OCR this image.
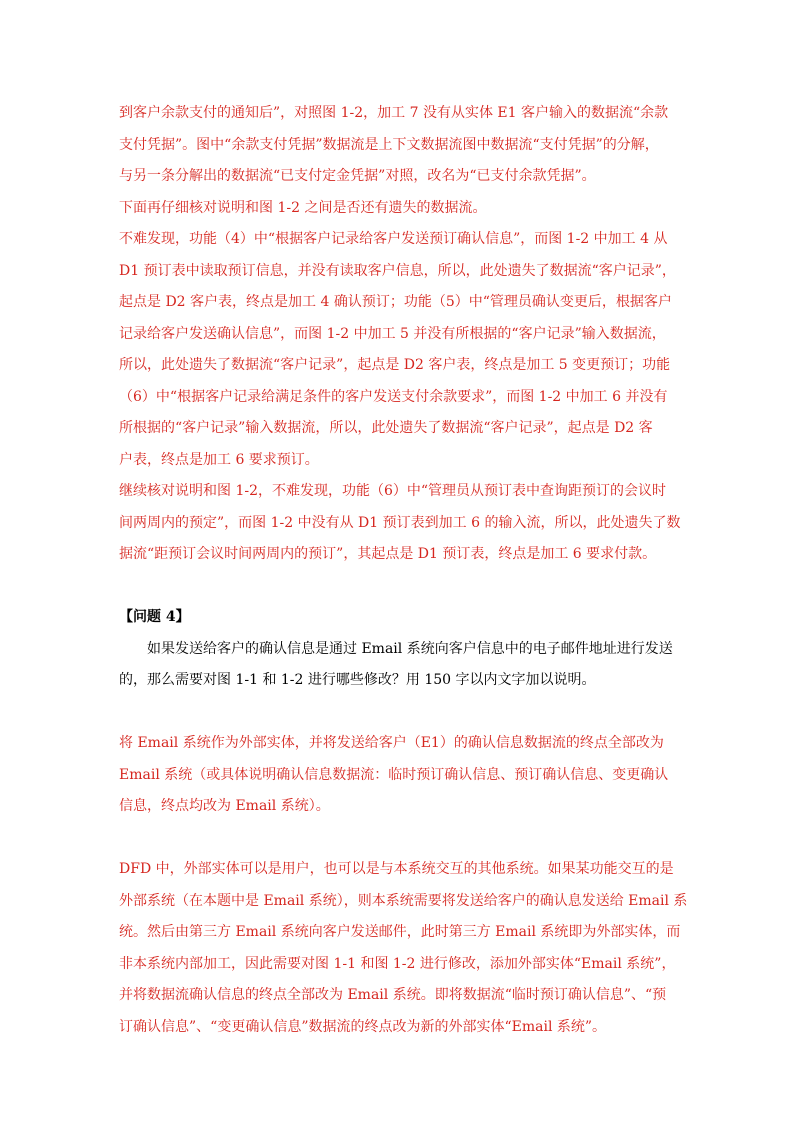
到客户余款支付的通知后”，对照图 1-2，加工 7 没有从实体 E1 客户输入的数据流“余款
支付凭据”。图中“余款支付凭据”数据流是上下文数据流图中数据流“支付凭据”的分解，
与另一条分解出的数据流“已支付定金凭据”对照，改名为“已支付余款凭据”。
下面再仔细核对说明和图 1-2 之间是否还有遗失的数据流。
不难发现，功能（4）中“根据客户记录给客户发送预订确认信息”，而图 1-2 中加工 4 从
D1 预订表中读取预订信息，并没有读取客户信息，所以，此处遗失了数据流“客户记录”，
起点是 D2 客户表，终点是加工 4 确认预订；功能（5）中“管理员确认变更后，根据客户
记录给客户发送确认信息”，而图 1-2 中加工 5 并没有所根据的“客户记录”输入数据流，
所以，此处遗失了数据流“客户记录”，起点是 D2 客户表，终点是加工 5 变更预订；功能
（6）中“根据客户记录给满足条件的客户发送支付余款要求”，而图 1-2 中加工 6 并没有
所根据的“客户记录”输入数据流，所以，此处遗失了数据流“客户记录”，起点是 D2 客
户表，终点是加工 6 要求预订。
继续核对说明和图 1-2，不难发现，功能（6）中“管理员从预订表中查询距预订的会议时
间两周内的预定”，而图 1-2 中没有从 D1 预订表到加工 6 的输入流，所以，此处遗失了数
据流“距预订会议时间两周内的预订”，其起点是 D1 预订表，终点是加工 6 要求付款。
【问题 4】
如果发送给客户的确认信息是通过 Email 系统向客户信息中的电子邮件地址进行发送
的，那么需要对图 1-1 和 1-2 进行哪些修改？用 150 字以内文字加以说明。
将 Email 系统作为外部实体，并将发送给客户（E1）的确认信息数据流的终点全部改为
Email 系统（或具体说明确认信息数据流：临时预订确认信息、预订确认信息、变更确认
信息，终点均改为 Email 系统）。
DFD 中，外部实体可以是用户，也可以是与本系统交互的其他系统。如果某功能交互的是
外部系统（在本题中是 Email 系统），则本系统需要将发送给客户的确认息发送给 Email 系
统。然后由第三方 Email 系统向客户发送邮件，此时第三方 Email 系统即为外部实体，而
非本系统内部加工，因此需要对图 1-1 和图 1-2 进行修改，添加外部实体“Email 系统”，
并将数据流确认信息的终点全部改为 Email 系统。即将数据流“临时预订确认信息”、“预
订确认信息”、“变更确认信息”数据流的终点改为新的外部实体“Email 系统”。
